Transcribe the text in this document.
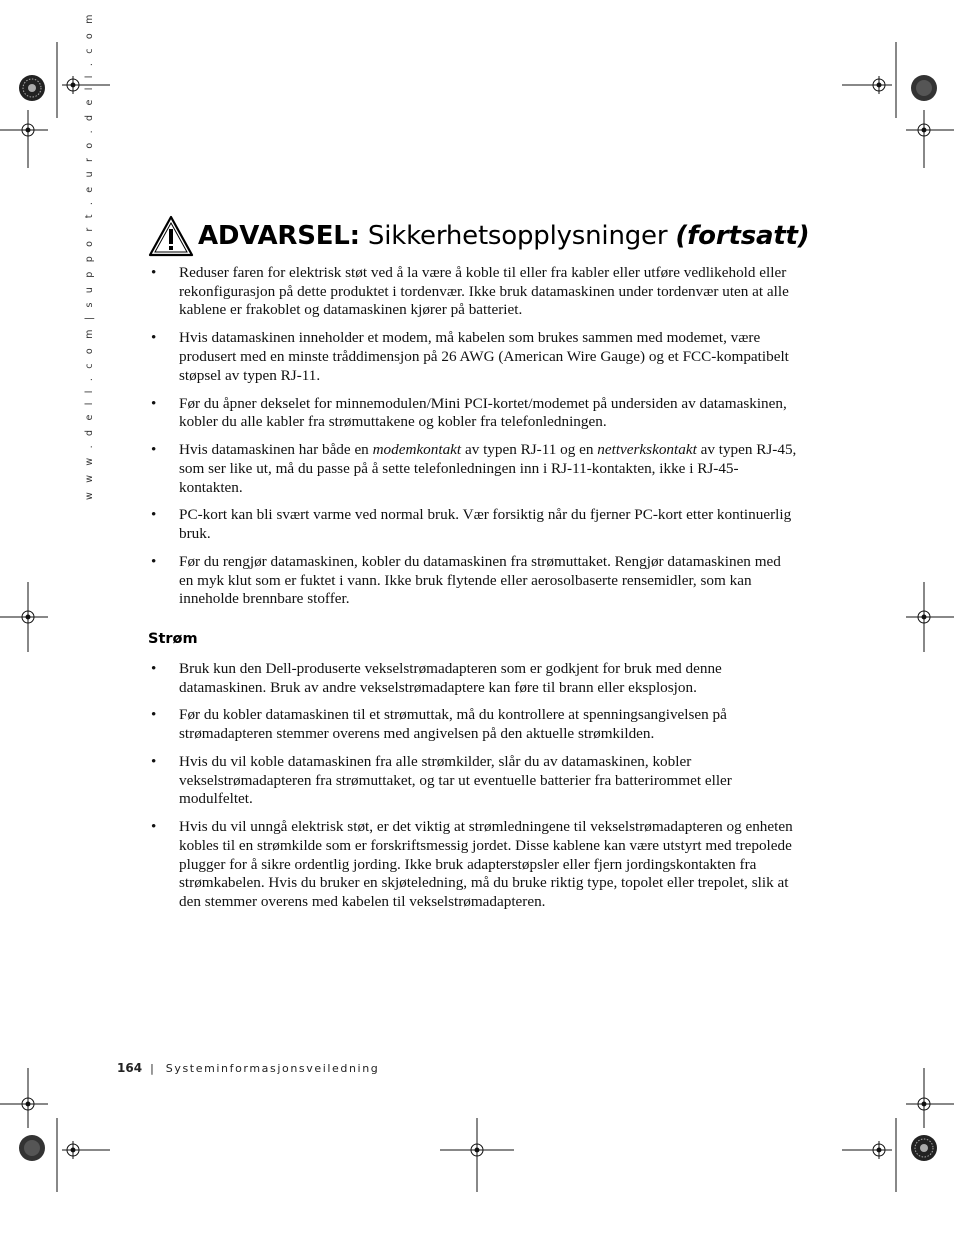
w w w . d e l l . c o m | s u p p o r t . e u r o . d e l l . c o m	ADVARSEL: Sikkerhetsopplysninger (fortsatt)
• Reduser faren for elektrisk støt ved å la være å koble til eller fra kabler eller utføre vedlikehold eller rekonfigurasjon på dette produktet i tordenvær. Ikke bruk datamaskinen under tordenvær uten at alle kablene er frakoblet og datamaskinen kjører på batteriet.
• Hvis datamaskinen inneholder et modem, må kabelen som brukes sammen med modemet, være produsert med en minste tråddimensjon på 26 AWG (American Wire Gauge) og et FCC-kompatibelt støpsel av typen RJ-11.
• Før du åpner dekselet for minnemodulen/Mini PCI-kortet/modemet på undersiden av datamaskinen, kobler du alle kabler fra strømuttakene og kobler fra telefonledningen.
• Hvis datamaskinen har både en modemkontakt av typen RJ-11 og en nettverkskontakt av typen RJ-45, som ser like ut, må du passe på å sette telefonledningen inn i RJ-11-kontakten, ikke i RJ-45-kontakten.
• PC-kort kan bli svært varme ved normal bruk. Vær forsiktig når du fjerner PC-kort etter kontinuerlig bruk.
• Før du rengjør datamaskinen, kobler du datamaskinen fra strømuttaket. Rengjør datamaskinen med en myk klut som er fuktet i vann. Ikke bruk flytende eller aerosolbaserte rensemidler, som kan inneholde brennbare stoffer.
Strøm
• Bruk kun den Dell-produserte vekselstrømadapteren som er godkjent for bruk med denne datamaskinen. Bruk av andre vekselstrømadaptere kan føre til brann eller eksplosjon.
• Før du kobler datamaskinen til et strømuttak, må du kontrollere at spenningsangivelsen på strømadapteren stemmer overens med angivelsen på den aktuelle strømkilden.
• Hvis du vil koble datamaskinen fra alle strømkilder, slår du av datamaskinen, kobler vekselstrømadapteren fra strømuttaket, og tar ut eventuelle batterier fra batterirommet eller modulfeltet.
• Hvis du vil unngå elektrisk støt, er det viktig at strømledningene til vekselstrømadapteren og enheten kobles til en strømkilde som er forskriftsmessig jordet. Disse kablene kan være utstyrt med trepolede plugger for å sikre ordentlig jording. Ikke bruk adapterstøpsler eller fjern jordingskontakten fra strømkabelen. Hvis du bruker en skjøteledning, må du bruke riktig type, topolet eller trepolet, slik at den stemmer overens med kabelen til vekselstrømadapteren.
164 | Systeminformasjonsveiledning
